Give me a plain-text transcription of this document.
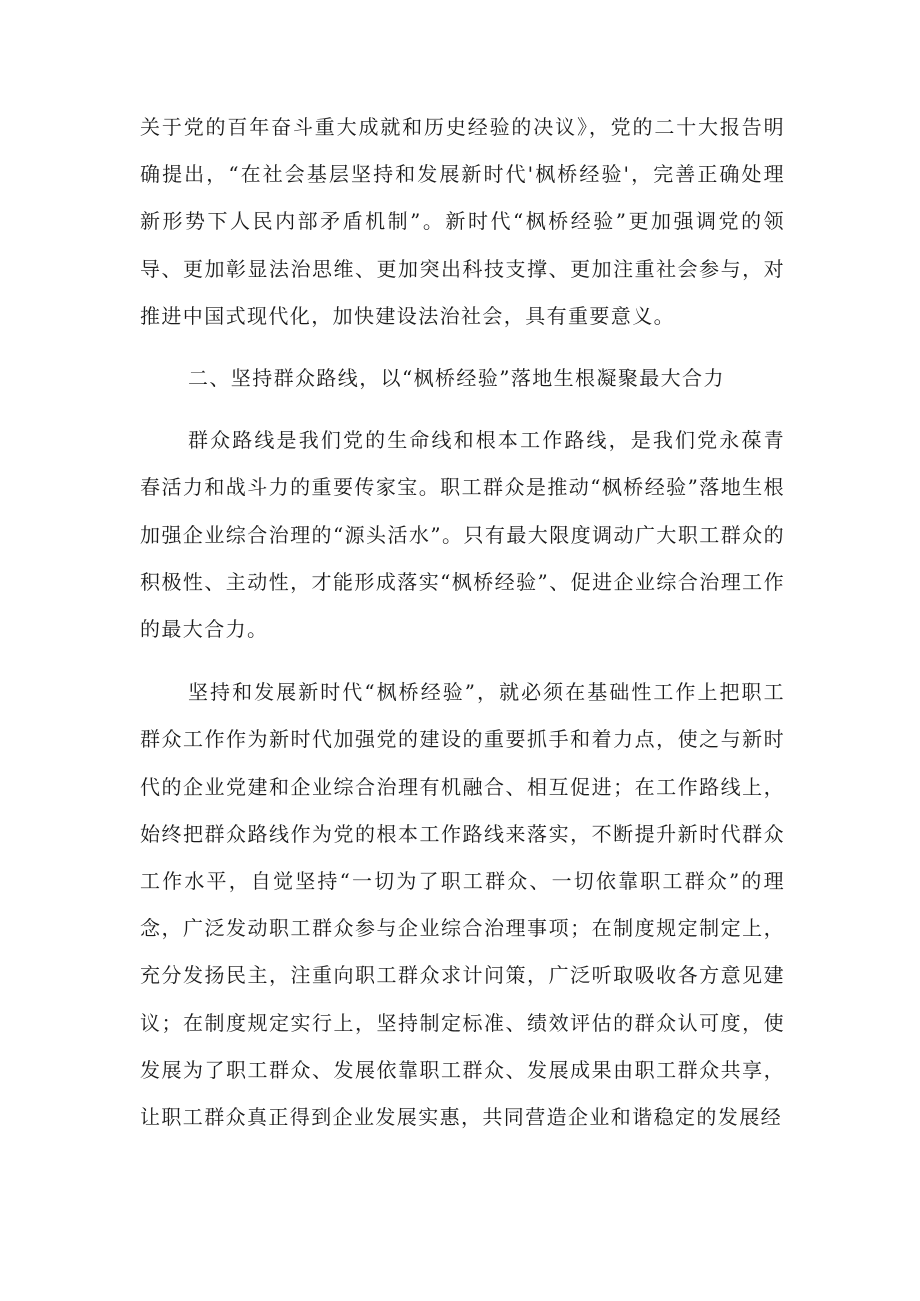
关于党的百年奋斗重大成就和历史经验的决议》，党的二十大报告明确提出，“在社会基层坚持和发展新时代'枫桥经验'，完善正确处理新形势下人民内部矛盾机制”。新时代“枫桥经验”更加强调党的领导、更加彰显法治思维、更加突出科技支撑、更加注重社会参与，对推进中国式现代化，加快建设法治社会，具有重要意义。

二、坚持群众路线，以“枫桥经验”落地生根凝聚最大合力

群众路线是我们党的生命线和根本工作路线，是我们党永葆青春活力和战斗力的重要传家宝。职工群众是推动“枫桥经验”落地生根加强企业综合治理的“源头活水”。只有最大限度调动广大职工群众的积极性、主动性，才能形成落实“枫桥经验”、促进企业综合治理工作的最大合力。

坚持和发展新时代“枫桥经验”，就必须在基础性工作上把职工群众工作作为新时代加强党的建设的重要抓手和着力点，使之与新时代的企业党建和企业综合治理有机融合、相互促进；在工作路线上，始终把群众路线作为党的根本工作路线来落实，不断提升新时代群众工作水平，自觉坚持“一切为了职工群众、一切依靠职工群众”的理念，广泛发动职工群众参与企业综合治理事项；在制度规定制定上，充分发扬民主，注重向职工群众求计问策，广泛听取吸收各方意见建议；在制度规定实行上，坚持制定标准、绩效评估的群众认可度，使发展为了职工群众、发展依靠职工群众、发展成果由职工群众共享，让职工群众真正得到企业发展实惠，共同营造企业和谐稳定的发展经
